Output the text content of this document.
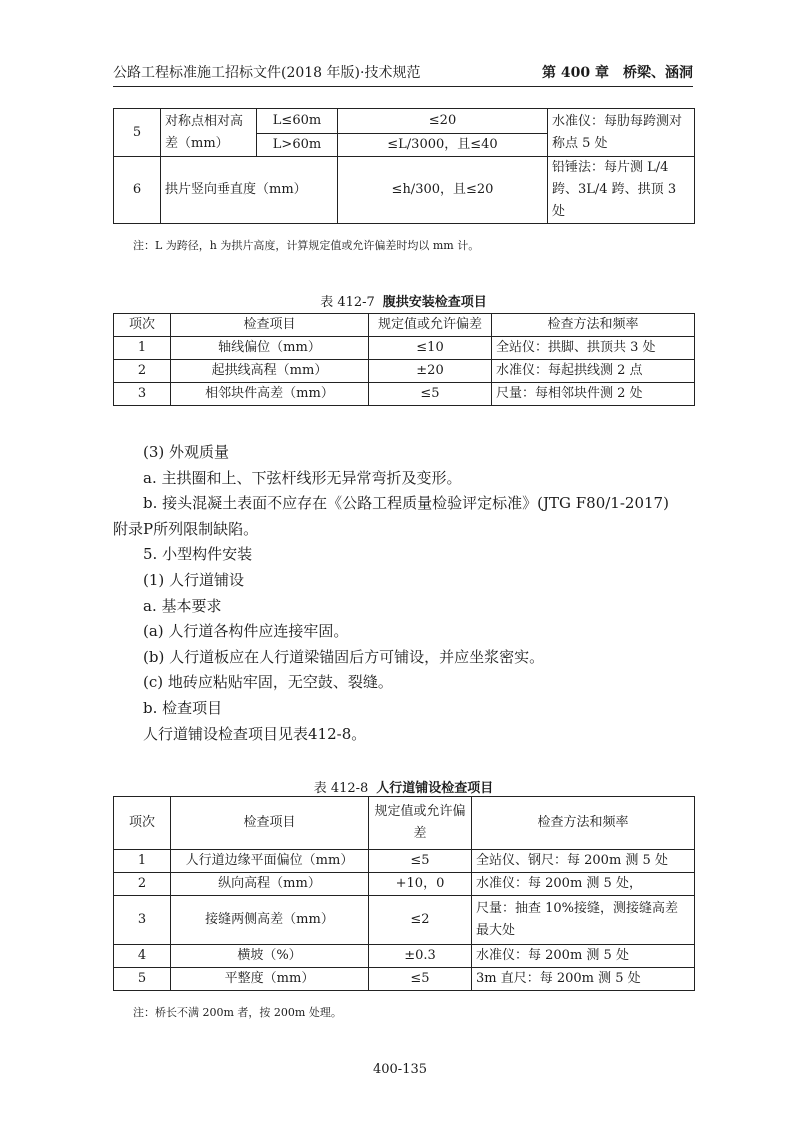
公路工程标准施工招标文件(2018 年版)·技术规范	第 400 章　桥梁、涵洞
5	对称点相对高差（mm）	L≤60m	≤20	水准仪：每肋每跨测对称点 5 处
		L>60m	≤L/3000，且≤40	
6	拱片竖向垂直度（mm）		≤h/300，且≤20	铅锤法：每片测 L/4 跨、3L/4 跨、拱顶 3 处
注：L 为跨径，h 为拱片高度，计算规定值或允许偏差时均以 mm 计。
表 412-7 腹拱安装检查项目
项次	检查项目	规定值或允许偏差	检查方法和频率
1	轴线偏位（mm）	≤10	全站仪：拱脚、拱顶共 3 处
2	起拱线高程（mm）	±20	水准仪：每起拱线测 2 点
3	相邻块件高差（mm）	≤5	尺量：每相邻块件测 2 处

(3) 外观质量

a. 主拱圈和上、下弦杆线形无异常弯折及变形。

b. 接头混凝土表面不应存在《公路工程质量检验评定标准》(JTG F80/1-2017)

附录P所列限制缺陷。

5. 小型构件安装

(1) 人行道铺设

a. 基本要求

(a) 人行道各构件应连接牢固。

(b) 人行道板应在人行道梁锚固后方可铺设，并应坐浆密实。

(c) 地砖应粘贴牢固，无空鼓、裂缝。

b. 检查项目

人行道铺设检查项目见表412-8。

表 412-8 人行道铺设检查项目
项次	检查项目	规定值或允许偏差	检查方法和频率
1	人行道边缘平面偏位（mm）	≤5	全站仪、钢尺：每 200m 测 5 处
2	纵向高程（mm）	+10，0	水准仪：每 200m 测 5 处，
3	接缝两侧高差（mm）	≤2	尺量：抽查 10%接缝，测接缝高差最大处
4	横坡（%）	±0.3	水准仪：每 200m 测 5 处
5	平整度（mm）	≤5	3m 直尺：每 200m 测 5 处
注：桥长不满 200m 者，按 200m 处理。
400-135
